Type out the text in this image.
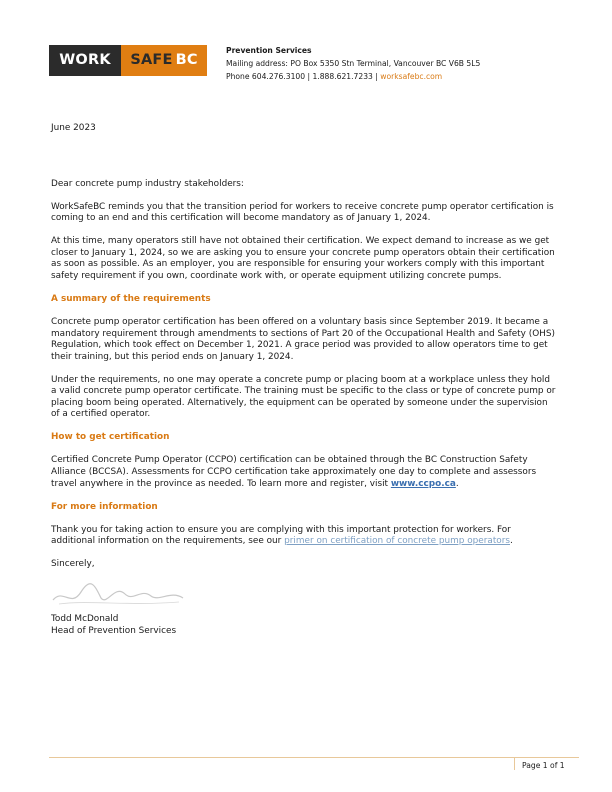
WORK	SAFE BC
Prevention Services
Mailing address: PO Box 5350 Stn Terminal, Vancouver BC V6B 5L5
Phone 604.276.3100 | 1.888.621.7233 | worksafebc.com

June 2023

Dear concrete pump industry stakeholders:

WorkSafeBC reminds you that the transition period for workers to receive concrete pump operator certification is coming to an end and this certification will become mandatory as of January 1, 2024.

At this time, many operators still have not obtained their certification. We expect demand to increase as we get closer to January 1, 2024, so we are asking you to ensure your concrete pump operators obtain their certification as soon as possible. As an employer, you are responsible for ensuring your workers comply with this important safety requirement if you own, coordinate work with, or operate equipment utilizing concrete pumps.

A summary of the requirements

Concrete pump operator certification has been offered on a voluntary basis since September 2019. It became a mandatory requirement through amendments to sections of Part 20 of the Occupational Health and Safety (OHS) Regulation, which took effect on December 1, 2021. A grace period was provided to allow operators time to get their training, but this period ends on January 1, 2024.

Under the requirements, no one may operate a concrete pump or placing boom at a workplace unless they hold a valid concrete pump operator certificate. The training must be specific to the class or type of concrete pump or placing boom being operated. Alternatively, the equipment can be operated by someone under the supervision of a certified operator.

How to get certification

Certified Concrete Pump Operator (CCPO) certification can be obtained through the BC Construction Safety Alliance (BCCSA). Assessments for CCPO certification take approximately one day to complete and assessors travel anywhere in the province as needed. To learn more and register, visit www.ccpo.ca.

For more information

Thank you for taking action to ensure you are complying with this important protection for workers. For additional information on the requirements, see our primer on certification of concrete pump operators.

Sincerely,

Todd McDonald

Head of Prevention Services

Page 1 of 1
